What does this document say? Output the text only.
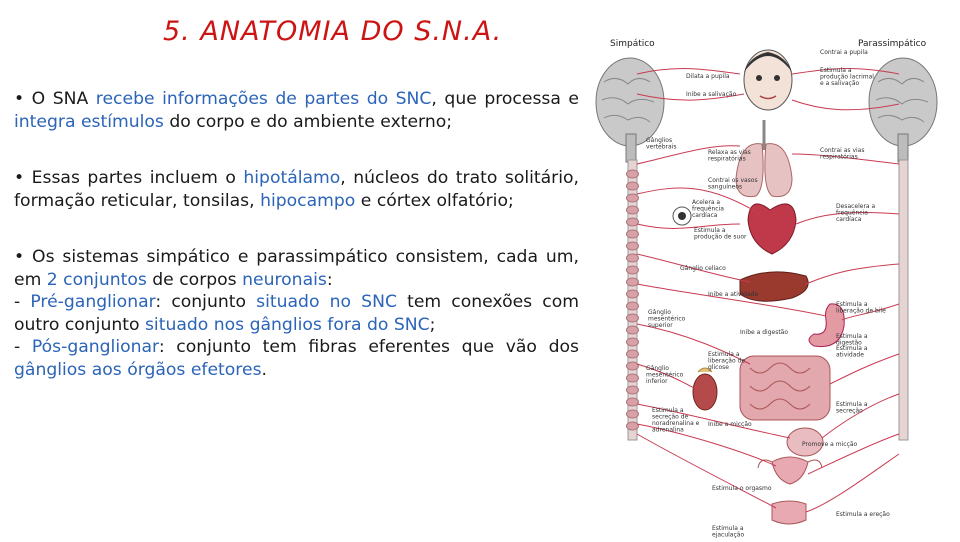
5. ANATOMIA DO S.N.A.

• O SNA recebe informações de partes do SNC, que processa e integra estímulos do corpo e do ambiente externo;

• Essas partes incluem o hipotálamo, núcleos do trato solitário, formação reticular, tonsilas, hipocampo e córtex olfatório;

• Os sistemas simpático e parassimpático consistem, cada um, em 2 conjuntos de corpos neuronais:
- Pré-ganglionar: conjunto situado no SNC tem conexões com outro conjunto situado nos gânglios fora do SNC;
- Pós-ganglionar: conjunto tem fibras eferentes que vão dos gânglios aos órgãos efetores.

Simpático	Parassimpático
Dilata a pupila
Inibe a salivação
Gânglios vertebrais
Relaxa as vias respiratórias
Contrai os vasos sanguíneos
Acelera a frequência cardíaca
Estimula a produção de suor
Gânglio celíaco
Inibe a atividade
Gânglio mesentérico superior
Inibe a digestão
Estimula a liberação de glicose
Gânglio mesentérico inferior
Estimula a secreção de noradrenalina e adrenalina
Inibe a micção
Estimula o orgasmo
Estimula a ejaculação
Contrai a pupila
Estimula a produção lacrimal e a salivação
Contrai as vias respiratórias
Desacelera a frequência cardíaca
Estimula a liberação de bile
Estimula a digestão
Estimula a atividade
Estimula a secreção
Promove a micção
Estimula a ereção
